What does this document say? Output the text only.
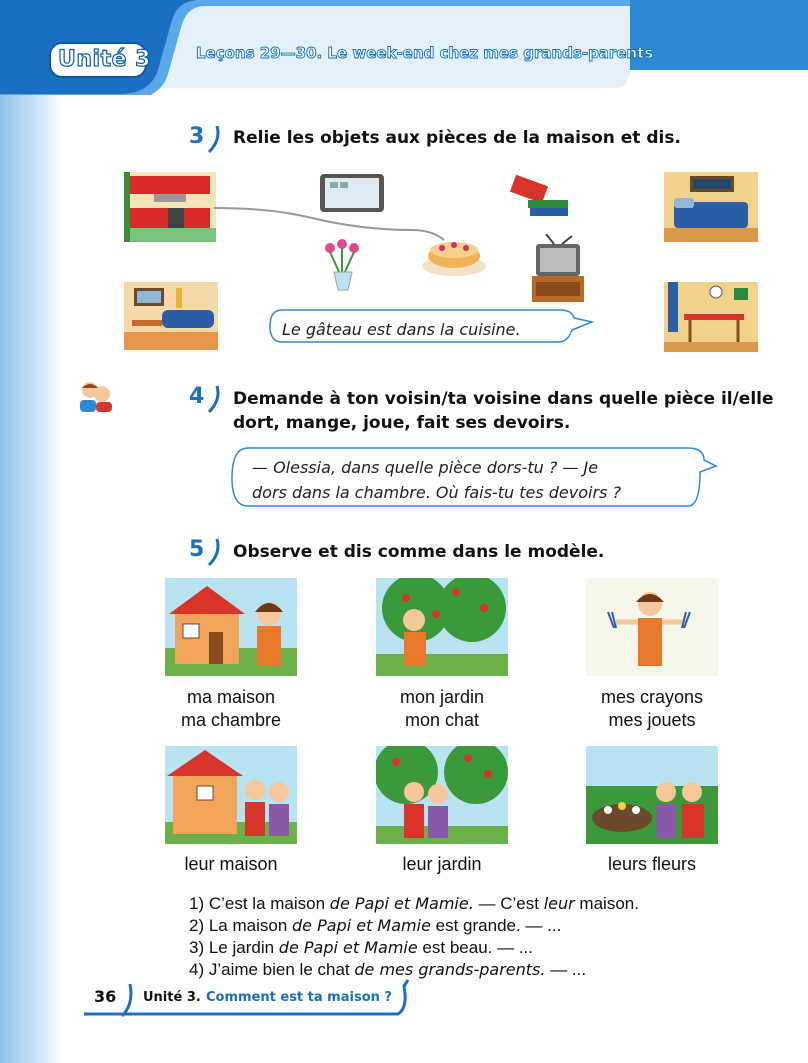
Unité 3	Leçons 29—30. Le week-end chez mes grands-parents
3 Relie les objets aux pièces de la maison et dis.
Le gâteau est dans la cuisine.
4 Demande à ton voisin/ta voisine dans quelle pièce il/elle
dort, mange, joue, fait ses devoirs.
— Olessia, dans quelle pièce dors-tu ? — Je
dors dans la chambre. Où fais-tu tes devoirs ?
5 Observe et dis comme dans le modèle.
ma maison
ma chambre
mon jardin
mon chat
mes crayons
mes jouets
leur maison	leur jardin	leurs fleurs
1) C’est la maison de Papi et Mamie. — C’est leur maison.
2) La maison de Papi et Mamie est grande. — ...
3) Le jardin de Papi et Mamie est beau. — ...
4) J’aime bien le chat de mes grands-parents. — ...
36 Unité 3. Comment est ta maison ?
